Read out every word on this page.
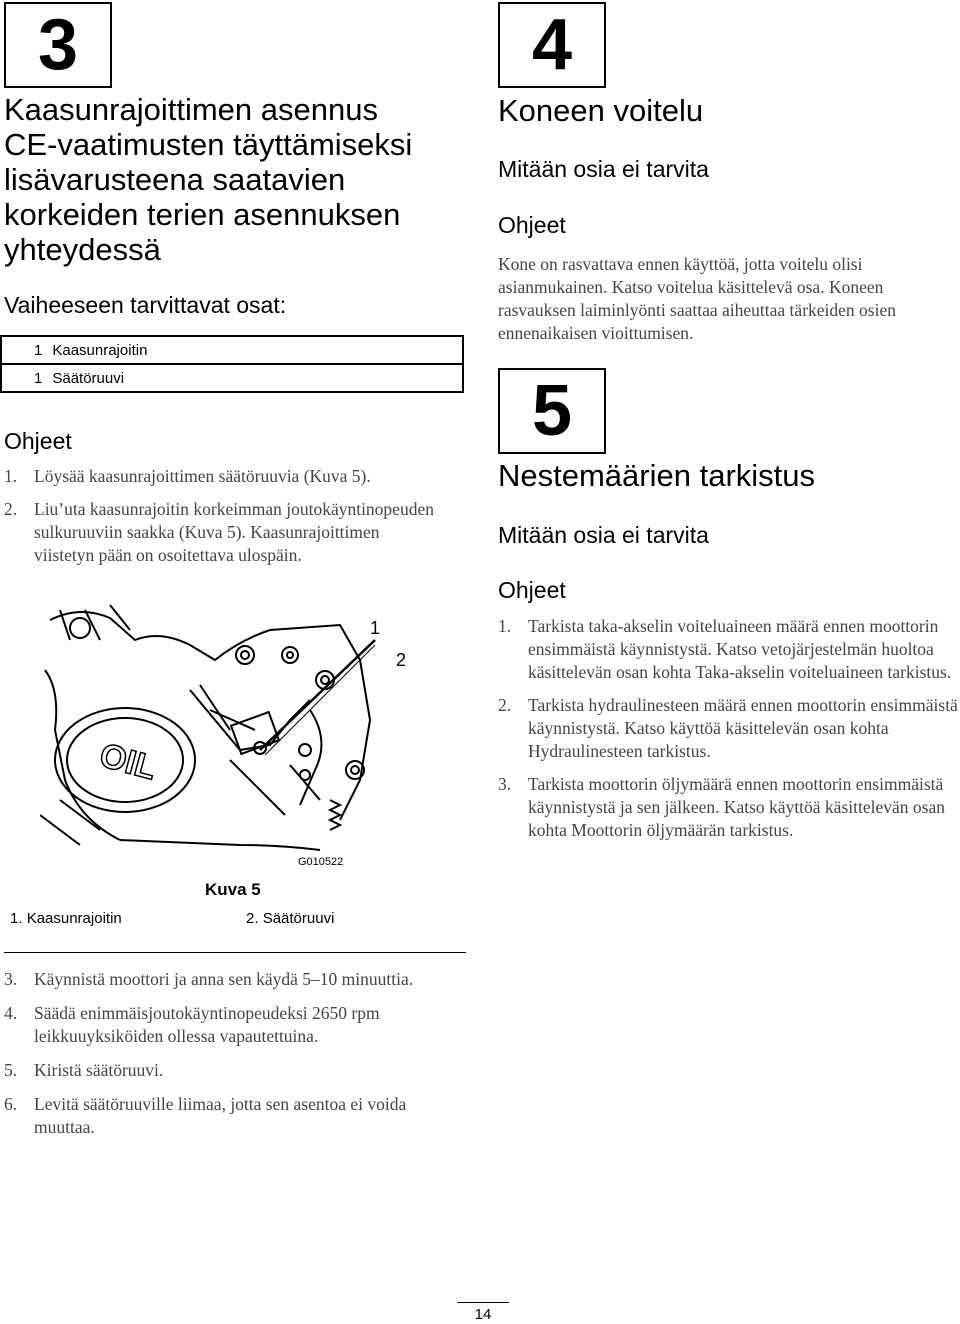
3
Kaasunrajoittimen asennus
CE-vaatimusten täyttämiseksi
lisävarusteena saatavien
korkeiden terien asennuksen
yhteydessä
Vaiheeseen tarvittavat osat:
1	Kaasunrajoitin
1	Säätöruuvi
Ohjeet
1. Löysää kaasunrajoittimen säätöruuvia (Kuva 5).
2. Liu’uta kaasunrajoitin korkeimman joutokäyntinopeuden sulkuruuviin saakka (Kuva 5). Kaasunrajoittimen viistetyn pään on osoitettava ulospäin.
OIL
1
2
G010522
Kuva 5
1. Kaasunrajoitin	2. Säätöruuvi
3. Käynnistä moottori ja anna sen käydä 5–10 minuuttia.
4. Säädä enimmäisjoutokäyntinopeudeksi 2650 rpm leikkuuyksiköiden ollessa vapautettuina.
5. Kiristä säätöruuvi.
6. Levitä säätöruuville liimaa, jotta sen asentoa ei voida muuttaa.
4
Koneen voitelu
Mitään osia ei tarvita
Ohjeet
Kone on rasvattava ennen käyttöä, jotta voitelu olisi asianmukainen. Katso voitelua käsittelevä osa. Koneen rasvauksen laiminlyönti saattaa aiheuttaa tärkeiden osien ennenaikaisen vioittumisen.
5
Nestemäärien tarkistus
Mitään osia ei tarvita
Ohjeet
1. Tarkista taka-akselin voiteluaineen määrä ennen moottorin ensimmäistä käynnistystä. Katso vetojärjestelmän huoltoa käsittelevän osan kohta Taka-akselin voiteluaineen tarkistus.
2. Tarkista hydraulinesteen määrä ennen moottorin ensimmäistä käynnistystä. Katso käyttöä käsittelevän osan kohta Hydraulinesteen tarkistus.
3. Tarkista moottorin öljymäärä ennen moottorin ensimmäistä käynnistystä ja sen jälkeen. Katso käyttöä käsittelevän osan kohta Moottorin öljymäärän tarkistus.
14
